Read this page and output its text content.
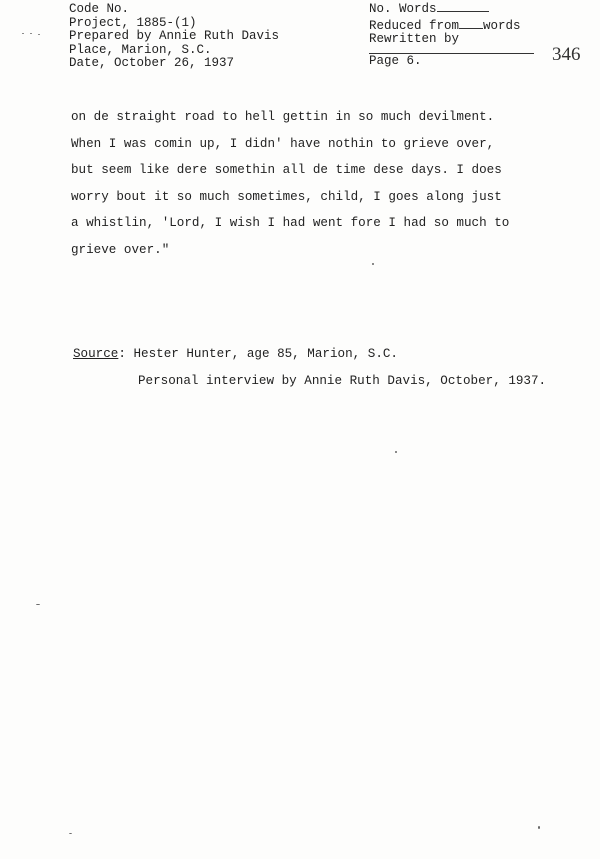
Code No.
Project, 1885-(1)
Prepared by Annie Ruth Davis
Place, Marion, S.C.
Date, October 26, 1937
No. Words
Reduced from words
Rewritten by
Page 6.	346
on de straight road to hell gettin in so much devilment.
When I was comin up, I didn' have nothin to grieve over,
but seem like dere somethin all de time dese days. I does
worry bout it so much sometimes, child, I goes along just
a whistlin, 'Lord, I wish I had went fore I had so much to
grieve over."
Source: Hester Hunter, age 85, Marion, S.C.
Personal interview by Annie Ruth Davis, October, 1937.
